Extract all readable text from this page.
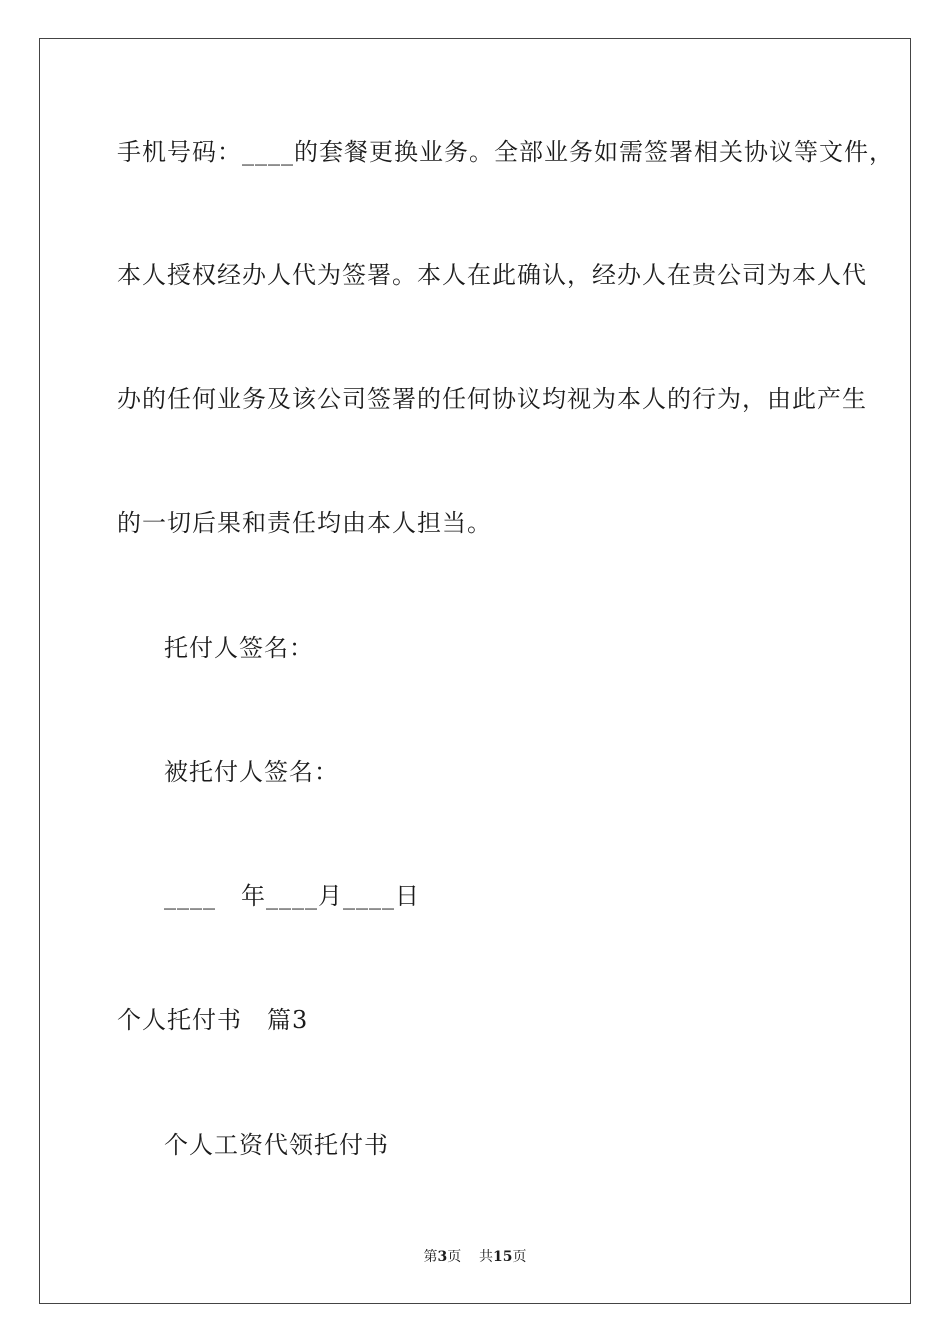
手机号码：____的套餐更换业务。全部业务如需签署相关协议等文件，
本人授权经办人代为签署。本人在此确认，经办人在贵公司为本人代
办的任何业务及该公司签署的任何协议均视为本人的行为，由此产生
的一切后果和责任均由本人担当。
托付人签名：
被托付人签名：
____　年____月____日
个人托付书　篇3
个人工资代领托付书
第3页 共15页
